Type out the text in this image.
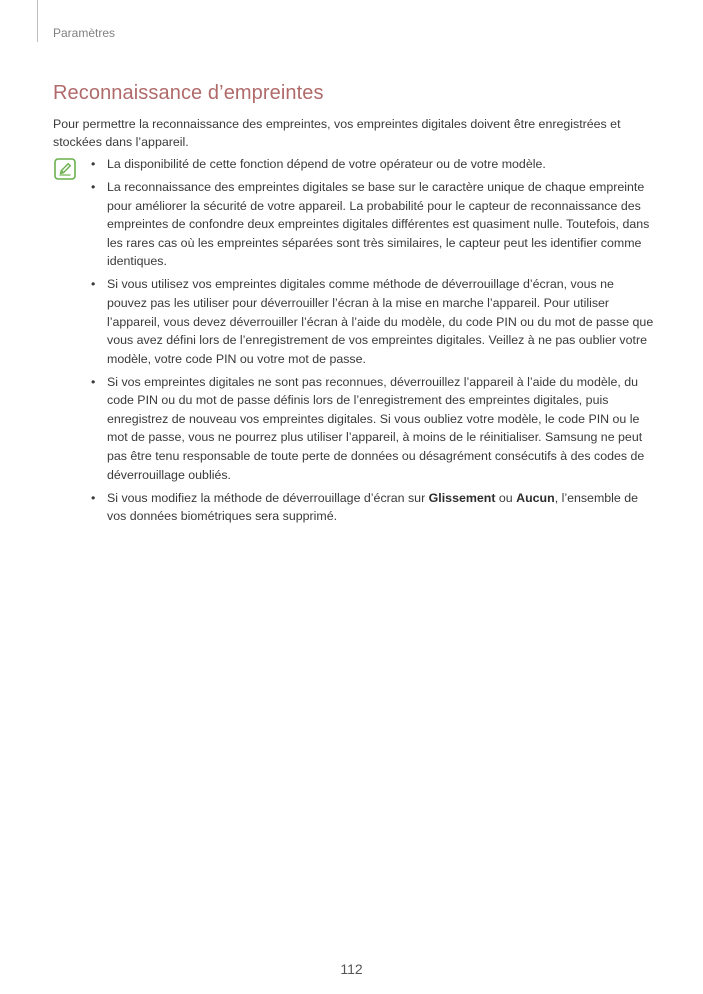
Paramètres
Reconnaissance d’empreintes

Pour permettre la reconnaissance des empreintes, vos empreintes digitales doivent être enregistrées et stockées dans l’appareil.

• La disponibilité de cette fonction dépend de votre opérateur ou de votre modèle.
• La reconnaissance des empreintes digitales se base sur le caractère unique de chaque empreinte pour améliorer la sécurité de votre appareil. La probabilité pour le capteur de reconnaissance des empreintes de confondre deux empreintes digitales différentes est quasiment nulle. Toutefois, dans les rares cas où les empreintes séparées sont très similaires, le capteur peut les identifier comme identiques.
• Si vous utilisez vos empreintes digitales comme méthode de déverrouillage d’écran, vous ne pouvez pas les utiliser pour déverrouiller l’écran à la mise en marche l’appareil. Pour utiliser l’appareil, vous devez déverrouiller l’écran à l’aide du modèle, du code PIN ou du mot de passe que vous avez défini lors de l’enregistrement de vos empreintes digitales. Veillez à ne pas oublier votre modèle, votre code PIN ou votre mot de passe.
• Si vos empreintes digitales ne sont pas reconnues, déverrouillez l’appareil à l’aide du modèle, du code PIN ou du mot de passe définis lors de l’enregistrement des empreintes digitales, puis enregistrez de nouveau vos empreintes digitales. Si vous oubliez votre modèle, le code PIN ou le mot de passe, vous ne pourrez plus utiliser l’appareil, à moins de le réinitialiser. Samsung ne peut pas être tenu responsable de toute perte de données ou désagrément consécutifs à des codes de déverrouillage oubliés.
• Si vous modifiez la méthode de déverrouillage d’écran sur Glissement ou Aucun, l’ensemble de vos données biométriques sera supprimé.
112
